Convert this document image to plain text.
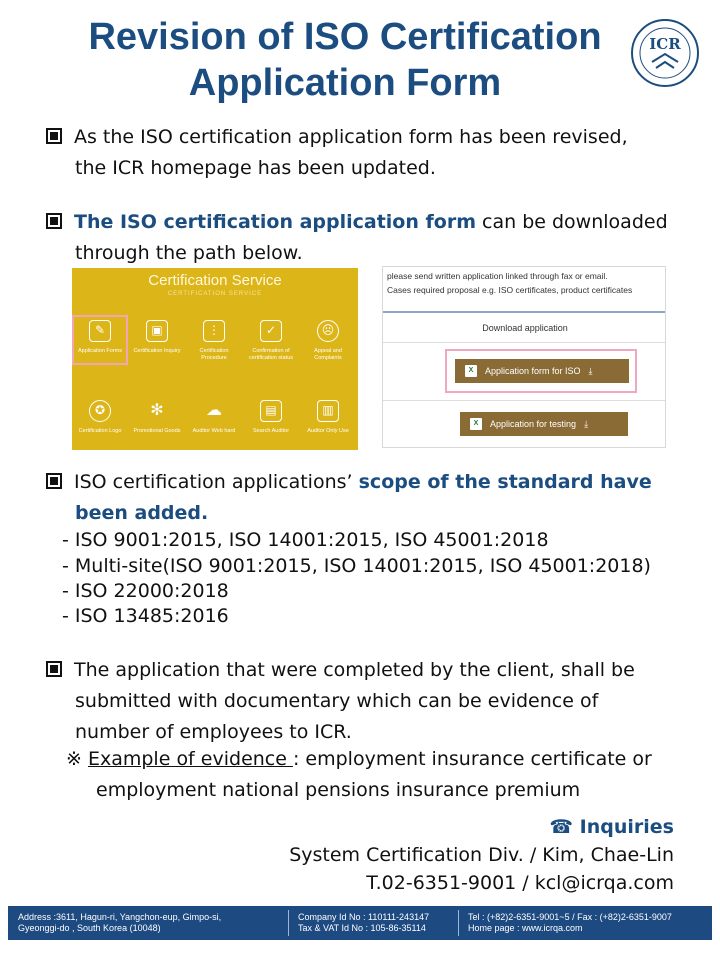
Revision of ISO Certification
Application Form
ICR
As the ISO certification application form has been revised,
the ICR homepage has been updated.
The ISO certification application form can be downloaded
through the path below.
Certification Service
CERTIFICATION SERVICE
✎
Application Forms
▣
Certification Inquiry
⋮
Certification Procedure
✓
Confirmation of certification status
☹
Appeal and Complaints
✪
Certification Logo
✻
Promotional Goods
☁
Auditor Web hard
▤
Search Auditor
▥
Auditor Only Use
please send written application linked through fax or email.
Cases required proposal e.g. ISO certificates, product certificates
Download application
X	Application form for ISO ⤓
X	Application for testing ⤓
ISO certification applications’ scope of the standard have
been added.
- ISO 9001:2015, ISO 14001:2015, ISO 45001:2018
- Multi-site(ISO 9001:2015, ISO 14001:2015, ISO 45001:2018)
- ISO 22000:2018
- ISO 13485:2016
The application that were completed by the client, shall be
submitted with documentary which can be evidence of
number of employees to ICR.
※ Example of evidence : employment insurance certificate or
employment national pensions insurance premium
☎ Inquiries
System Certification Div. / Kim, Chae-Lin
T.02-6351-9001 / kcl@icrqa.com
Address :3611, Hagun-ri, Yangchon-eup, Gimpo-si,
Gyeonggi-do , South Korea (10048)
Company Id No : 110111-243147
Tax & VAT Id No : 105-86-35114
Tel : (+82)2-6351-9001~5 / Fax : (+82)2-6351-9007
Home page : www.icrqa.com
